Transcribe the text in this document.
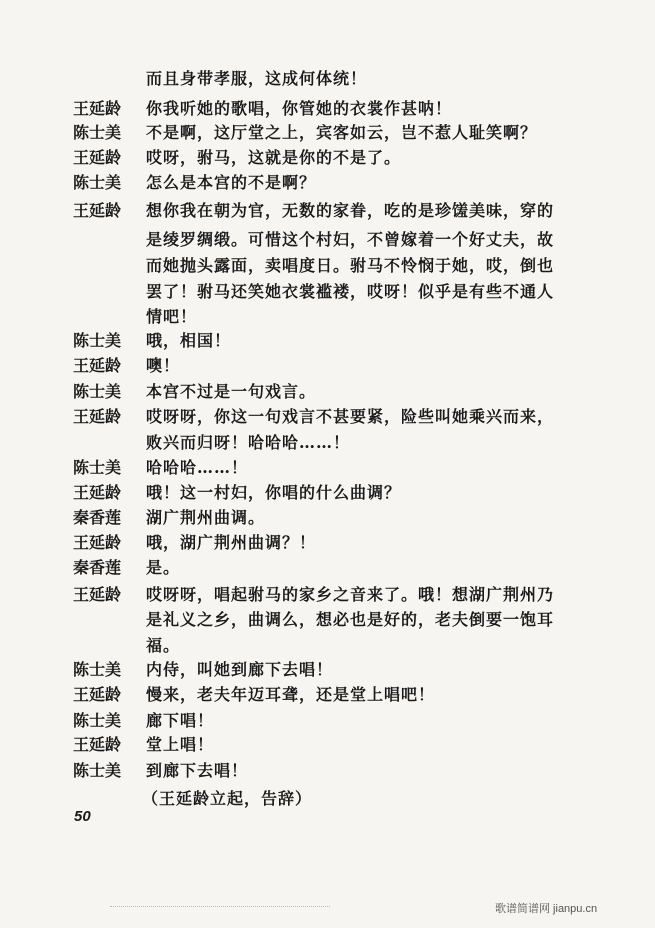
而且身带孝服，这成何体统！
王延龄	你我听她的歌唱，你管她的衣裳作甚呐！
陈士美	不是啊，这厅堂之上，宾客如云，岂不惹人耻笑啊？
王延龄	哎呀，驸马，这就是你的不是了。
陈士美	怎么是本宫的不是啊？
王延龄	想你我在朝为官，无数的家眷，吃的是珍馐美味，穿的
是绫罗绸缎。可惜这个村妇，不曾嫁着一个好丈夫，故
而她抛头露面，卖唱度日。驸马不怜悯于她，哎，倒也
罢了！驸马还笑她衣裳褴褛，哎呀！似乎是有些不通人
情吧！
陈士美	哦，相国！
王延龄	噢！
陈士美	本宫不过是一句戏言。
王延龄	哎呀呀，你这一句戏言不甚要紧，险些叫她乘兴而来，
败兴而归呀！哈哈哈……！
陈士美	哈哈哈……！
王延龄	哦！这一村妇，你唱的什么曲调？
秦香莲	湖广荆州曲调。
王延龄	哦，湖广荆州曲调？！
秦香莲	是。
王延龄	哎呀呀，唱起驸马的家乡之音来了。哦！想湖广荆州乃
是礼义之乡，曲调么，想必也是好的，老夫倒要一饱耳
福。
陈士美	内侍，叫她到廊下去唱！
王延龄	慢来，老夫年迈耳聋，还是堂上唱吧！
陈士美	廊下唱！
王延龄	堂上唱！
陈士美	到廊下去唱！
（王延龄立起，告辞）
50
歌谱简谱网 jianpu.cn
